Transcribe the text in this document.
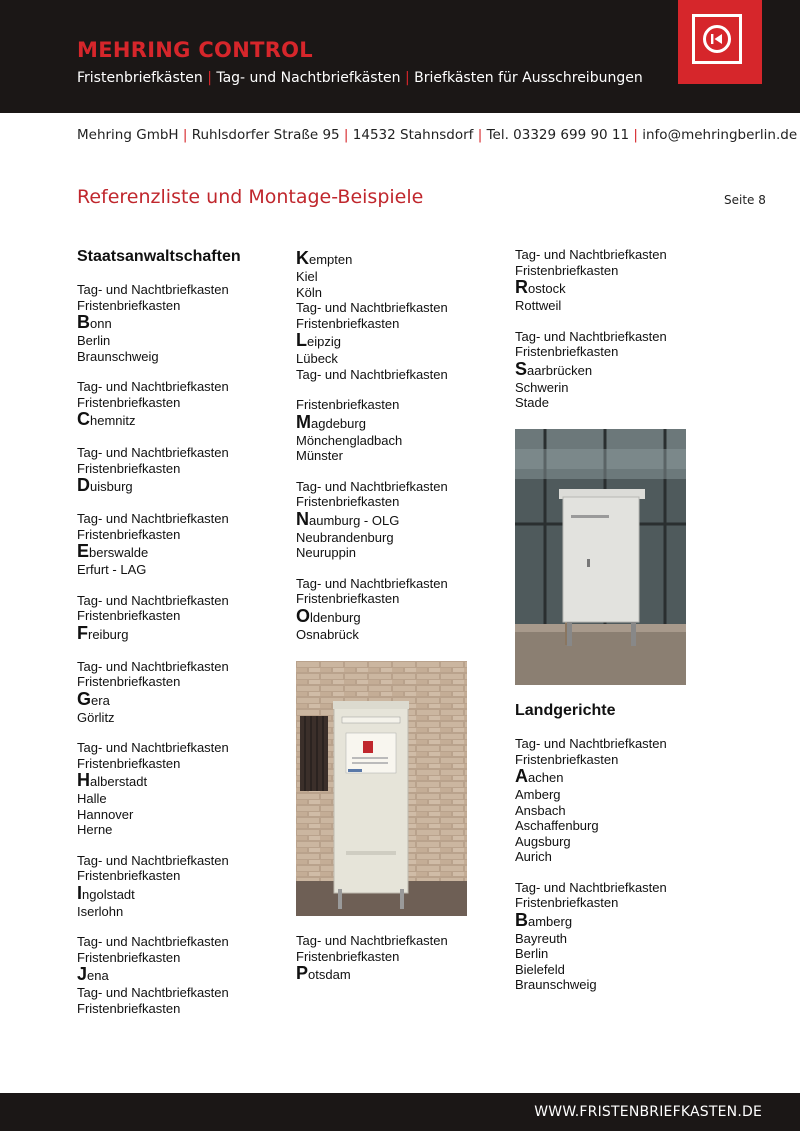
MEHRING CONTROL
Fristenbriefkästen | Tag- und Nachtbriefkästen | Briefkästen für Ausschreibungen
Mehring GmbH | Ruhlsdorfer Straße 95 | 14532 Stahnsdorf | Tel. 03329 699 90 11 | info@mehringberlin.de
Referenzliste und Montage-Beispiele	Seite 8
Staatsanwaltschaften
Tag- und Nachtbriefkasten
Fristenbriefkasten
Bonn
Berlin
Braunschweig
Tag- und Nachtbriefkasten
Fristenbriefkasten
Chemnitz
Tag- und Nachtbriefkasten
Fristenbriefkasten
Duisburg
Tag- und Nachtbriefkasten
Fristenbriefkasten
Eberswalde
Erfurt - LAG
Tag- und Nachtbriefkasten
Fristenbriefkasten
Freiburg
Tag- und Nachtbriefkasten
Fristenbriefkasten
Gera
Görlitz
Tag- und Nachtbriefkasten
Fristenbriefkasten
Halberstadt
Halle
Hannover
Herne
Tag- und Nachtbriefkasten
Fristenbriefkasten
Ingolstadt
Iserlohn
Tag- und Nachtbriefkasten
Fristenbriefkasten
Jena
Tag- und Nachtbriefkasten
Fristenbriefkasten
Kempten
Kiel
Köln
Tag- und Nachtbriefkasten
Fristenbriefkasten
Leipzig
Lübeck
Tag- und Nachtbriefkasten
Fristenbriefkasten
Magdeburg
Mönchengladbach
Münster
Tag- und Nachtbriefkasten
Fristenbriefkasten
Naumburg - OLG
Neubrandenburg
Neuruppin
Tag- und Nachtbriefkasten
Fristenbriefkasten
Oldenburg
Osnabrück
Tag- und Nachtbriefkasten
Fristenbriefkasten
Rostock
Rottweil
Tag- und Nachtbriefkasten
Fristenbriefkasten
Saarbrücken
Schwerin
Stade
Tag- und Nachtbriefkasten
Fristenbriefkasten
Potsdam
Landgerichte
Tag- und Nachtbriefkasten
Fristenbriefkasten
Aachen
Amberg
Ansbach
Aschaffenburg
Augsburg
Aurich
Tag- und Nachtbriefkasten
Fristenbriefkasten
Bamberg
Bayreuth
Berlin
Bielefeld
Braunschweig
WWW.FRISTENBRIEFKASTEN.DE
